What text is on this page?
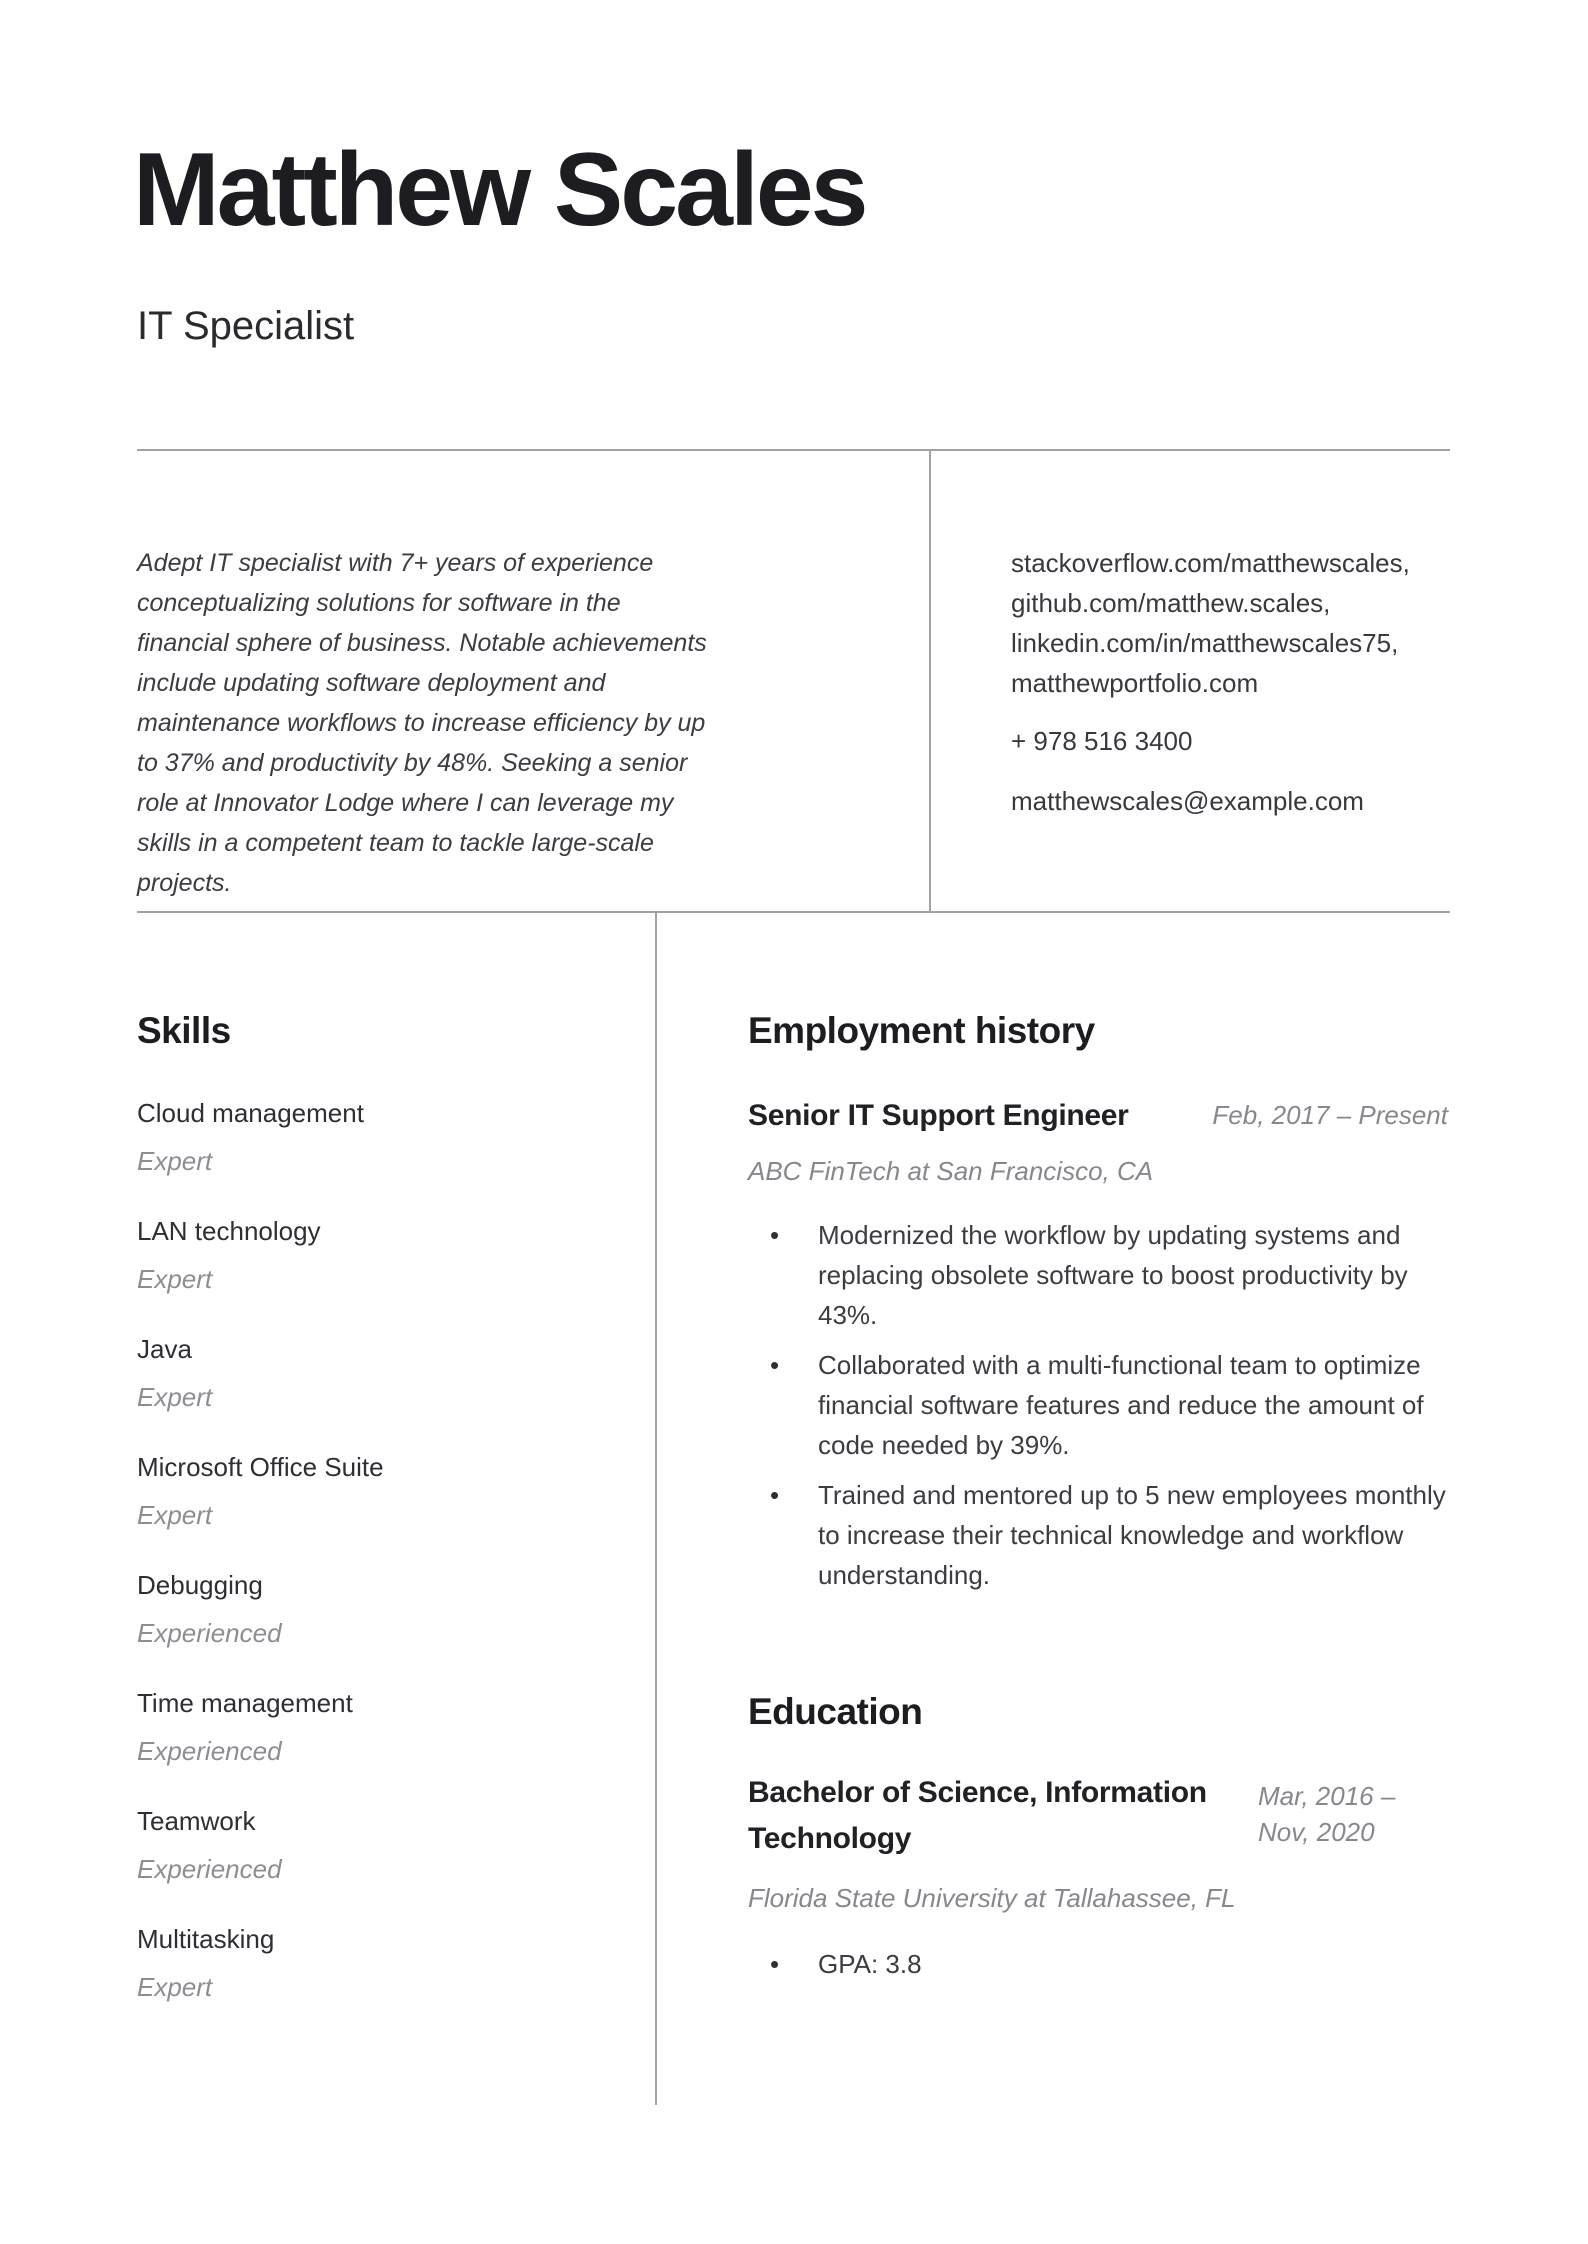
Matthew Scales
IT Specialist
Adept IT specialist with 7+ years of experience conceptualizing solutions for software in the financial sphere of business. Notable achievements include updating software deployment and maintenance workflows to increase efficiency by up to 37% and productivity by 48%. Seeking a senior role at Innovator Lodge where I can leverage my skills in a competent team to tackle large-scale projects.
stackoverflow.com/matthewscales,
github.com/matthew.scales,
linkedin.com/in/matthewscales75,
matthewportfolio.com
+ 978 516 3400
matthewscales@example.com
Skills
Cloud management
Expert
LAN technology
Expert
Java
Expert
Microsoft Office Suite
Expert
Debugging
Experienced
Time management
Experienced
Teamwork
Experienced
Multitasking
Expert
Employment history
Senior IT Support Engineer	Feb, 2017 – Present
ABC FinTech at San Francisco, CA
• Modernized the workflow by updating systems and replacing obsolete software to boost productivity by 43%.
• Collaborated with a multi-functional team to optimize financial software features and reduce the amount of code needed by 39%.
• Trained and mentored up to 5 new employees monthly to increase their technical knowledge and workflow understanding.
Education
Bachelor of Science, Information Technology
Mar, 2016 – Nov, 2020
Florida State University at Tallahassee, FL
• GPA: 3.8
